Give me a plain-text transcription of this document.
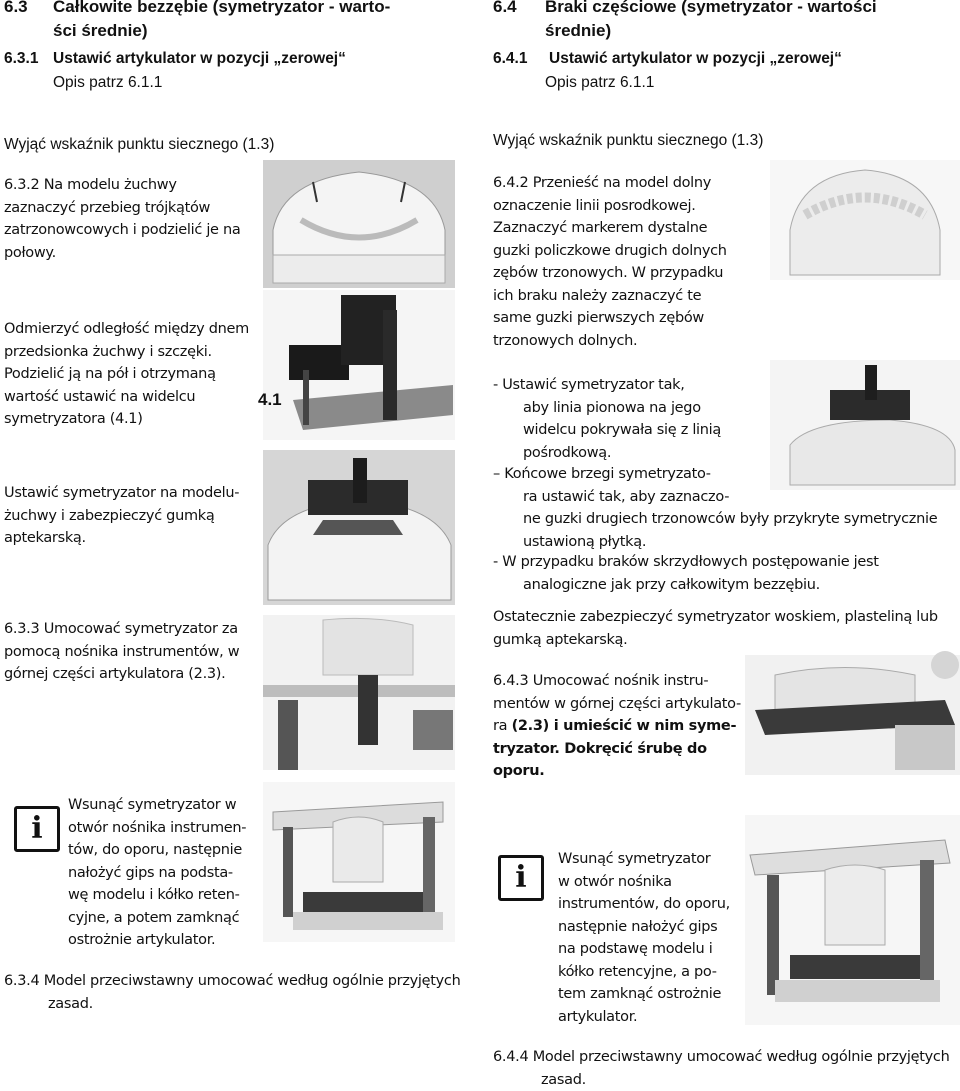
6.3 Całkowite bezzębie (symetryzator - warto-
ści średnie)
6.3.1 Ustawić artykulator w pozycji „zerowej“
Opis patrz 6.1.1
Wyjąć wskaźnik punktu siecznego (1.3)
6.3.2 Na modelu żuchwy
zaznaczyć przebieg trójkątów
zatrzonowcowych i podzielić je na
połowy.
Odmierzyć odległość między dnem
przedsionka żuchwy i szczęki.
Podzielić ją na pół i otrzymaną
wartość ustawić na widelcu
symetryzatora (4.1)
Ustawić symetryzator na modelu-
żuchwy i zabezpieczyć gumką
aptekarską.
6.3.3 Umocować symetryzator za
pomocą nośnika instrumentów, w
górnej części artykulatora (2.3).
4.1
i
Wsunąć symetryzator w
otwór nośnika instrumen-
tów, do oporu, następnie
nałożyć gips na podsta-
wę modelu i kółko reten-
cyjne, a potem zamknąć
ostrożnie artykulator.
6.3.4 Model przeciwstawny umocować według ogólnie przyjętych
zasad.
6.4 Braki częściowe (symetryzator - wartości
średnie)
6.4.1 Ustawić artykulator w pozycji „zerowej“
Opis patrz 6.1.1
Wyjąć wskaźnik punktu siecznego (1.3)
6.4.2 Przenieść na model dolny
oznaczenie linii posrodkowej.
Zaznaczyć markerem dystalne
guzki policzkowe drugich dolnych
zębów trzonowych. W przypadku
ich braku należy zaznaczyć te
same guzki pierwszych zębów
trzonowych dolnych.
- Ustawić symetryzator tak,
aby linia pionowa na jego
widelcu pokrywała się z linią
pośrodkową.
– Końcowe brzegi symetryzato-
ra ustawić tak, aby zaznaczo-
ne guzki drugiech trzonowców były przykryte symetrycznie
ustawioną płytką.
- W przypadku braków skrzydłowych postępowanie jest
analogiczne jak przy całkowitym bezzębiu.
Ostatecznie zabezpieczyć symetryzator woskiem, plasteliną lub
gumką aptekarską.
6.4.3 Umocować nośnik instru-
mentów w górnej części artykulato-
ra (2.3) i umieścić w nim syme-
tryzator. Dokręcić śrubę do
oporu.
i
Wsunąć symetryzator
w otwór nośnika
instrumentów, do oporu,
następnie nałożyć gips
na podstawę modelu i
kółko retencyjne, a po-
tem zamknąć ostrożnie
artykulator.
6.4.4 Model przeciwstawny umocować według ogólnie przyjętych
zasad.
